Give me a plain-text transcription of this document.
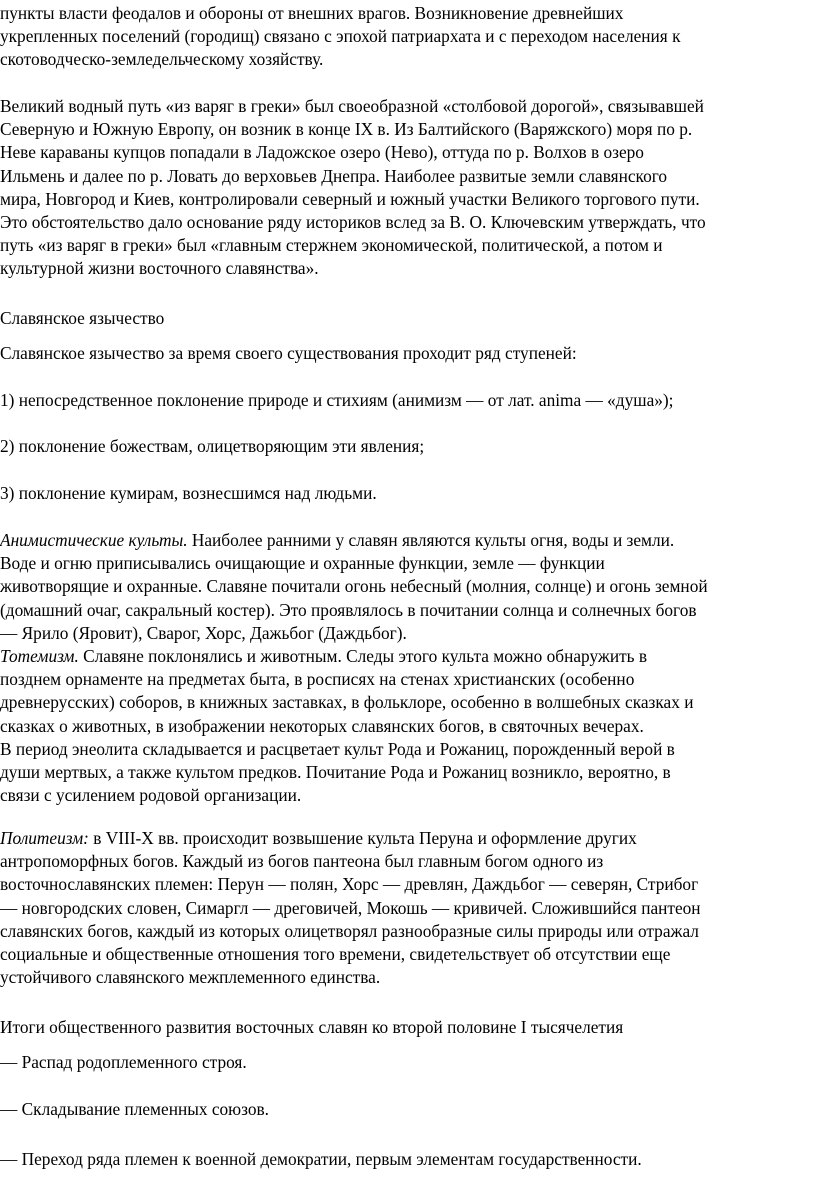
пункты власти феодалов и обороны от внешних врагов. Возникновение древнейших
укрепленных поселений (городищ) связано с эпохой патриархата и с переходом населения к
скотоводческо-земледельческому хозяйству.
Великий водный путь «из варяг в греки» был своеобразной «столбовой дорогой», связывавшей
Северную и Южную Европу, он возник в конце IX в. Из Балтийского (Варяжского) моря по р.
Неве караваны купцов попадали в Ладожское озеро (Нево), оттуда по р. Волхов в озеро
Ильмень и далее по р. Ловать до верховьев Днепра. Наиболее развитые земли славянского
мира, Новгород и Киев, контролировали северный и южный участки Великого торгового пути.
Это обстоятельство дало основание ряду историков вслед за В. О. Ключевским утверждать, что
путь «из варяг в греки» был «главным стержнем экономической, политической, а потом и
культурной жизни восточного славянства».
Славянское язычество
Славянское язычество за время своего существования проходит ряд ступеней:
1) непосредственное поклонение природе и стихиям (анимизм — от лат. anima — «душа»);
2) поклонение божествам, олицетворяющим эти явления;
3) поклонение кумирам, вознесшимся над людьми.
Анимистические культы. Наиболее ранними у славян являются культы огня, воды и земли.
Воде и огню приписывались очищающие и охранные функции, земле — функции
животворящие и охранные. Славяне почитали огонь небесный (молния, солнце) и огонь земной
(домашний очаг, сакральный костер). Это проявлялось в почитании солнца и солнечных богов
— Ярило (Яровит), Сварог, Хорс, Дажьбог (Даждьбог).
Тотемизм. Славяне поклонялись и животным. Следы этого культа можно обнаружить в
позднем орнаменте на предметах быта, в росписях на стенах христианских (особенно
древнерусских) соборов, в книжных заставках, в фольклоре, особенно в волшебных сказках и
сказках о животных, в изображении некоторых славянских богов, в святочных вечерах.
В период энеолита складывается и расцветает культ Рода и Рожаниц, порожденный верой в
души мертвых, а также культом предков. Почитание Рода и Рожаниц возникло, вероятно, в
связи с усилением родовой организации.
Политеизм: в VIII-X вв. происходит возвышение культа Перуна и оформление других
антропоморфных богов. Каждый из богов пантеона был главным богом одного из
восточнославянских племен: Перун — полян, Хорс — древлян, Даждьбог — северян, Стрибог
— новгородских словен, Симаргл — дреговичей, Мокошь — кривичей. Сложившийся пантеон
славянских богов, каждый из которых олицетворял разнообразные силы природы или отражал
социальные и общественные отношения того времени, свидетельствует об отсутствии еще
устойчивого славянского межплеменного единства.
Итоги общественного развития восточных славян ко второй половине I тысячелетия
— Распад родоплеменного строя.
— Складывание племенных союзов.
— Переход ряда племен к военной демократии, первым элементам государственности.
